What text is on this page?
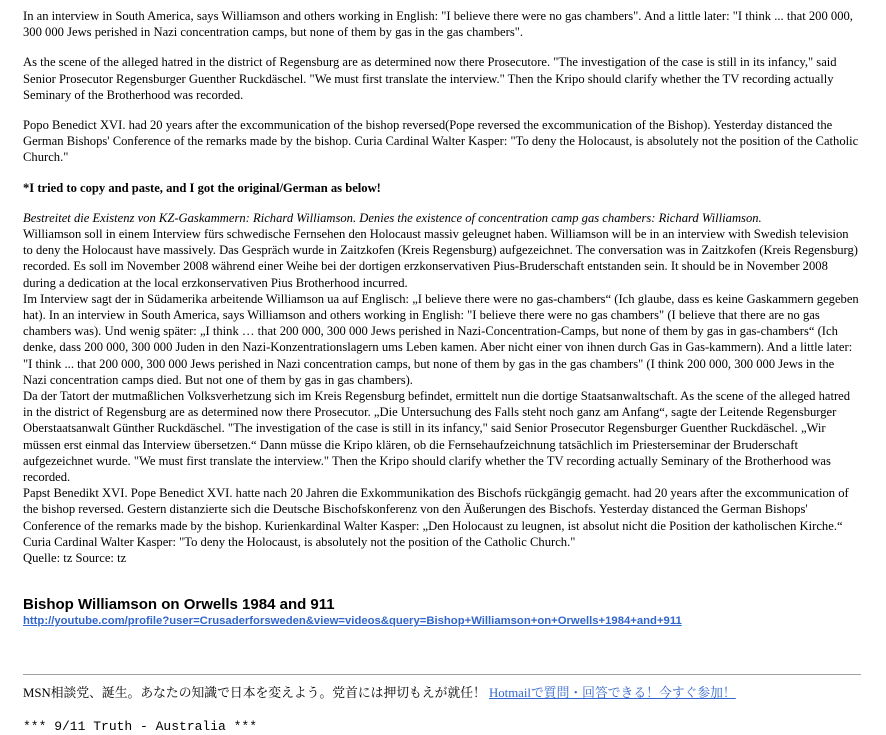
In an interview in South America, says Williamson and others working in English: "I believe there were no gas chambers". And a little later: "I think ... that 200 000, 300 000 Jews perished in Nazi concentration camps, but none of them by gas in the gas chambers".

As the scene of the alleged hatred in the district of Regensburg are as determined now there Prosecutore. "The investigation of the case is still in its infancy," said Senior Prosecutor Regensburger Guenther Ruckdäschel. "We must first translate the interview." Then the Kripo should clarify whether the TV recording actually Seminary of the Brotherhood was recorded.

Popo Benedict XVI. had 20 years after the excommunication of the bishop reversed(Pope reversed the excommunication of the Bishop). Yesterday distanced the German Bishops' Conference of the remarks made by the bishop. Curia Cardinal Walter Kasper: "To deny the Holocaust, is absolutely not the position of the Catholic Church."

*I tried to copy and paste, and I got the original/German as below!

Bestreitet die Existenz von KZ-Gaskammern: Richard Williamson. Denies the existence of concentration camp gas chambers: Richard Williamson.
Williamson soll in einem Interview fürs schwedische Fernsehen den Holocaust massiv geleugnet haben. Williamson will be in an interview with Swedish television to deny the Holocaust have massively. Das Gespräch wurde in Zaitzkofen (Kreis Regensburg) aufgezeichnet. The conversation was in Zaitzkofen (Kreis Regensburg) recorded. Es soll im November 2008 während einer Weihe bei der dortigen erzkonservativen Pius-Bruderschaft entstanden sein. It should be in November 2008 during a dedication at the local erzkonservativen Pius Brotherhood incurred.
Im Interview sagt der in Südamerika arbeitende Williamson ua auf Englisch: „I believe there were no gas-chambers“ (Ich glaube, dass es keine Gaskammern gegeben hat). In an interview in South America, says Williamson and others working in English: "I believe there were no gas chambers" (I believe that there are no gas chambers was). Und wenig später: „I think … that 200 000, 300 000 Jews perished in Nazi-Concentration-Camps, but none of them by gas in gas-chambers“ (Ich denke, dass 200 000, 300 000 Juden in den Nazi-Konzentrationslagern ums Leben kamen. Aber nicht einer von ihnen durch Gas in Gas-kammern). And a little later: "I think ... that 200 000, 300 000 Jews perished in Nazi concentration camps, but none of them by gas in the gas chambers" (I think 200 000, 300 000 Jews in the Nazi concentration camps died. But not one of them by gas in gas chambers).
Da der Tatort der mutmaßlichen Volksverhetzung sich im Kreis Regensburg befindet, ermittelt nun die dortige Staatsanwaltschaft. As the scene of the alleged hatred in the district of Regensburg are as determined now there Prosecutor. „Die Untersuchung des Falls steht noch ganz am Anfang“, sagte der Leitende Regensburger Oberstaatsanwalt Günther Ruckdäschel. "The investigation of the case is still in its infancy," said Senior Prosecutor Regensburger Guenther Ruckdäschel. „Wir müssen erst einmal das Interview übersetzen.“ Dann müsse die Kripo klären, ob die Fernsehaufzeichnung tatsächlich im Priesterseminar der Bruderschaft aufgezeichnet wurde. "We must first translate the interview." Then the Kripo should clarify whether the TV recording actually Seminary of the Brotherhood was recorded.
Papst Benedikt XVI. Pope Benedict XVI. hatte nach 20 Jahren die Exkommunikation des Bischofs rückgängig gemacht. had 20 years after the excommunication of the bishop reversed. Gestern distanzierte sich die Deutsche Bischofskonferenz von den Äußerungen des Bischofs. Yesterday distanced the German Bishops' Conference of the remarks made by the bishop. Kurienkardinal Walter Kasper: „Den Holocaust zu leugnen, ist absolut nicht die Position der katholischen Kirche.“ Curia Cardinal Walter Kasper: "To deny the Holocaust, is absolutely not the position of the Catholic Church."
Quelle: tz Source: tz
Bishop Williamson on Orwells 1984 and 911
http://youtube.com/profile?user=Crusaderforsweden&view=videos&query=Bishop+Williamson+on+Orwells+1984+and+911
MSN相談党、誕生。あなたの知識で日本を変えよう。党首には押切もえが就任！ Hotmailで質問・回答できる！今すぐ参加！
*** 9/11 Truth - Australia ***
